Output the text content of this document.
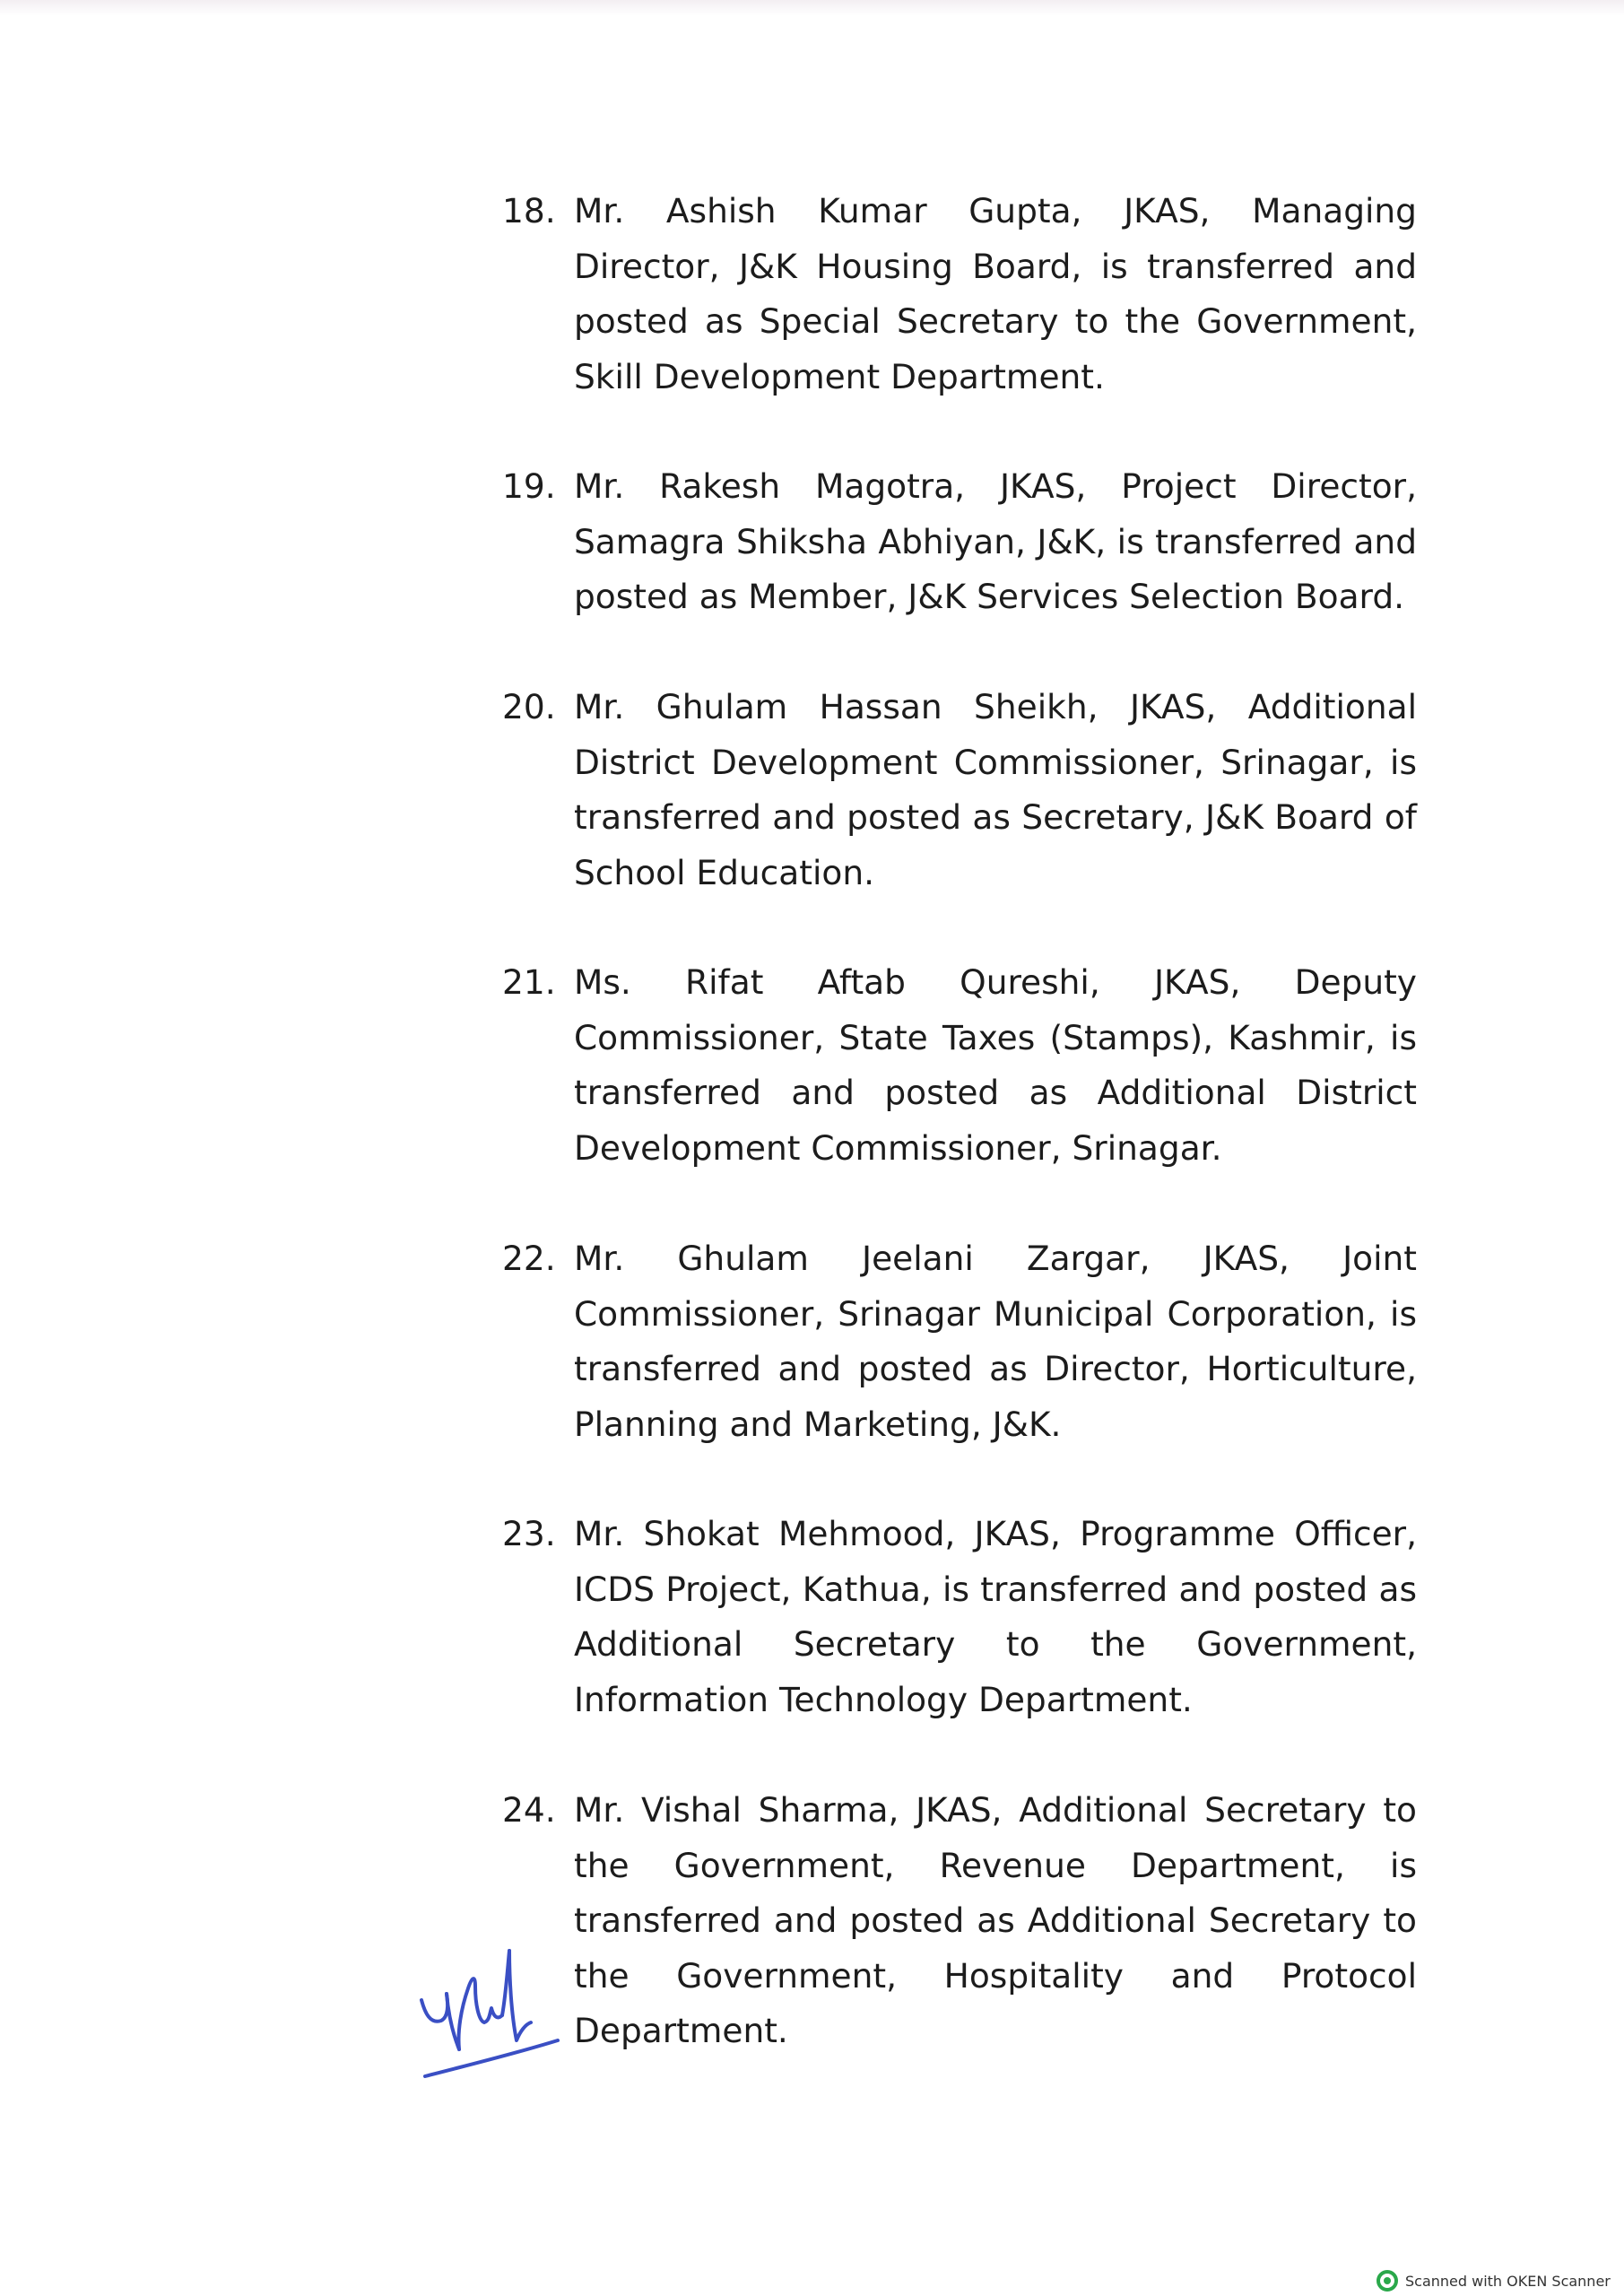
18. Mr. Ashish Kumar Gupta, JKAS, Managing Director, J&K Housing Board, is transferred and posted as Special Secretary to the Government, Skill Development Department.
19. Mr. Rakesh Magotra, JKAS, Project Director, Samagra Shiksha Abhiyan, J&K, is transferred and posted as Member, J&K Services Selection Board.
20. Mr. Ghulam Hassan Sheikh, JKAS, Additional District Development Commissioner, Srinagar, is transferred and posted as Secretary, J&K Board of School Education.
21. Ms. Rifat Aftab Qureshi, JKAS, Deputy Commissioner, State Taxes (Stamps), Kashmir, is transferred and posted as Additional District Development Commissioner, Srinagar.
22. Mr. Ghulam Jeelani Zargar, JKAS, Joint Commissioner, Srinagar Municipal Corporation, is transferred and posted as Director, Horticulture, Planning and Marketing, J&K.
23. Mr. Shokat Mehmood, JKAS, Programme Officer, ICDS Project, Kathua, is transferred and posted as Additional Secretary to the Government, Information Technology Department.
24. Mr. Vishal Sharma, JKAS, Additional Secretary to the Government, Revenue Department, is transferred and posted as Additional Secretary to the Government, Hospitality and Protocol Department.
Scanned with OKEN Scanner
